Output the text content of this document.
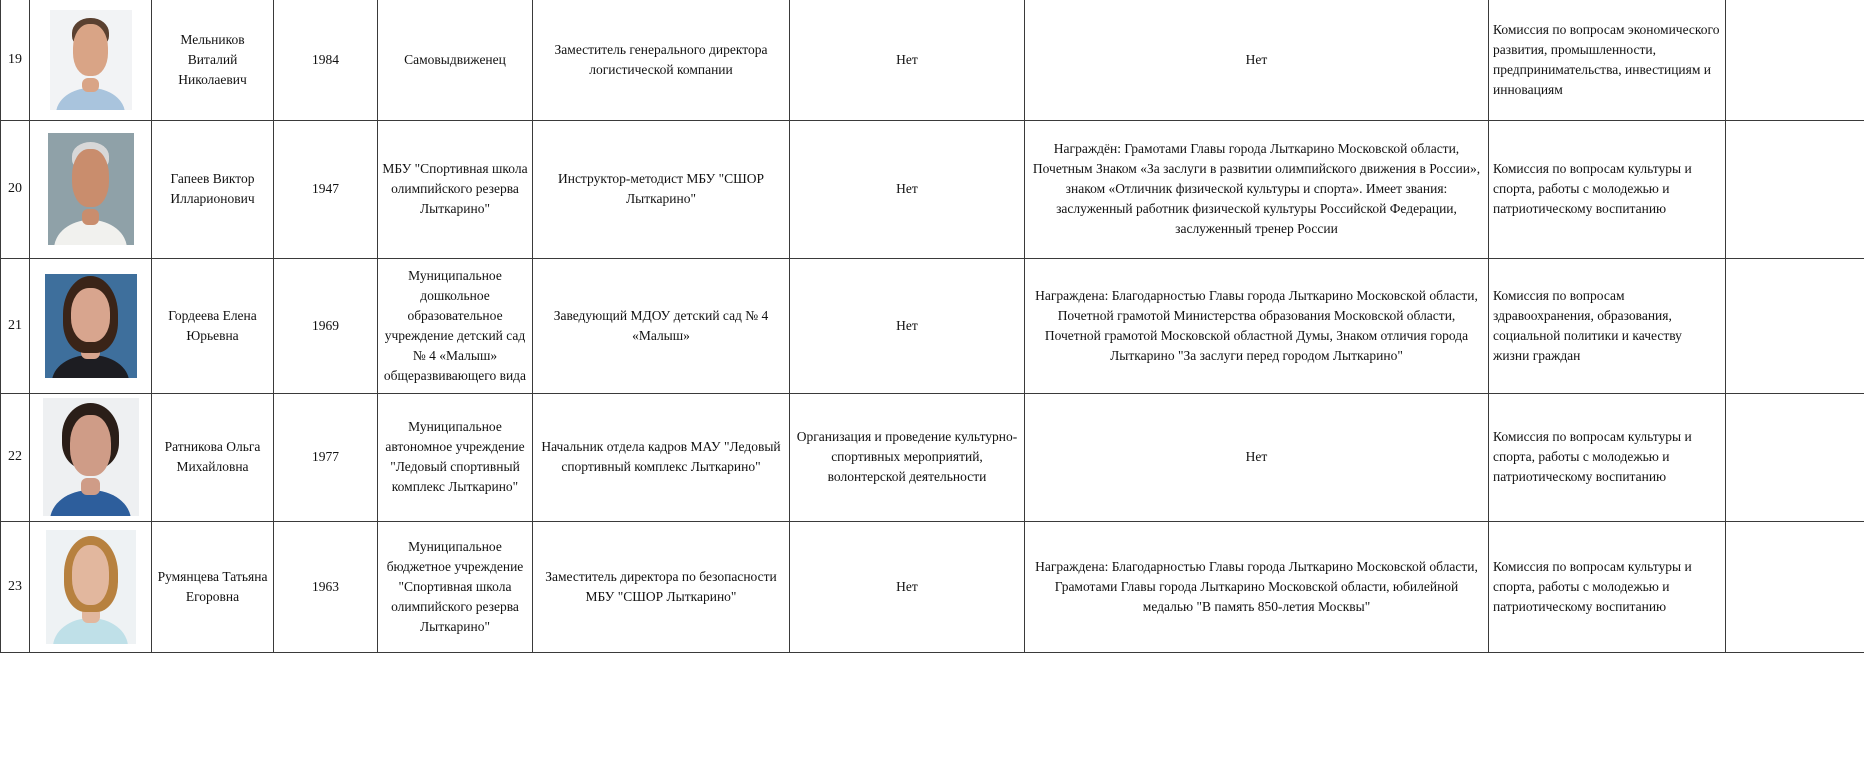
19		Мельников Виталий Николаевич	1984	Самовыдвиженец	Заместитель генерального директора логистической компании	Нет	Нет	Комиссия по вопросам экономического развития, промышленности, предпринимательства, инвестициям и инновациям	
20		Гапеев Виктор Илларионович	1947	МБУ "Спортивная школа олимпийского резерва Лыткарино"	Инструктор-методист МБУ "СШОР Лыткарино"	Нет	Награждён: Грамотами Главы города Лыткарино Московской области, Почетным Знаком «За заслуги в развитии олимпийского движения в России», знаком «Отличник физической культуры и спорта». Имеет звания: заслуженный работник физической культуры Российской Федерации, заслуженный тренер России	Комиссия по вопросам культуры и спорта, работы с молодежью и патриотическому воспитанию	
21		Гордеева Елена Юрьевна	1969	Муниципальное дошкольное образовательное учреждение детский сад № 4 «Малыш» общеразвивающего вида	Заведующий МДОУ детский сад № 4 «Малыш»	Нет	Награждена: Благодарностью Главы города Лыткарино Московской области, Почетной грамотой Министерства образования Московской области, Почетной грамотой Московской областной Думы, Знаком отличия города Лыткарино "За заслуги перед городом Лыткарино"	Комиссия по вопросам здравоохранения, образования, социальной политики и качеству жизни граждан	
22		Ратникова Ольга Михайловна	1977	Муниципальное автономное учреждение "Ледовый спортивный комплекс Лыткарино"	Начальник отдела кадров МАУ "Ледовый спортивный комплекс Лыткарино"	Организация и проведение культурно-спортивных мероприятий, волонтерской деятельности	Нет	Комиссия по вопросам культуры и спорта, работы с молодежью и патриотическому воспитанию	
23		Румянцева Татьяна Егоровна	1963	Муниципальное бюджетное учреждение "Спортивная школа олимпийского резерва Лыткарино"	Заместитель директора по безопасности МБУ "СШОР Лыткарино"	Нет	Награждена: Благодарностью Главы города Лыткарино Московской области, Грамотами Главы города Лыткарино Московской области, юбилейной медалью "В память 850-летия Москвы"	Комиссия по вопросам культуры и спорта, работы с молодежью и патриотическому воспитанию	
